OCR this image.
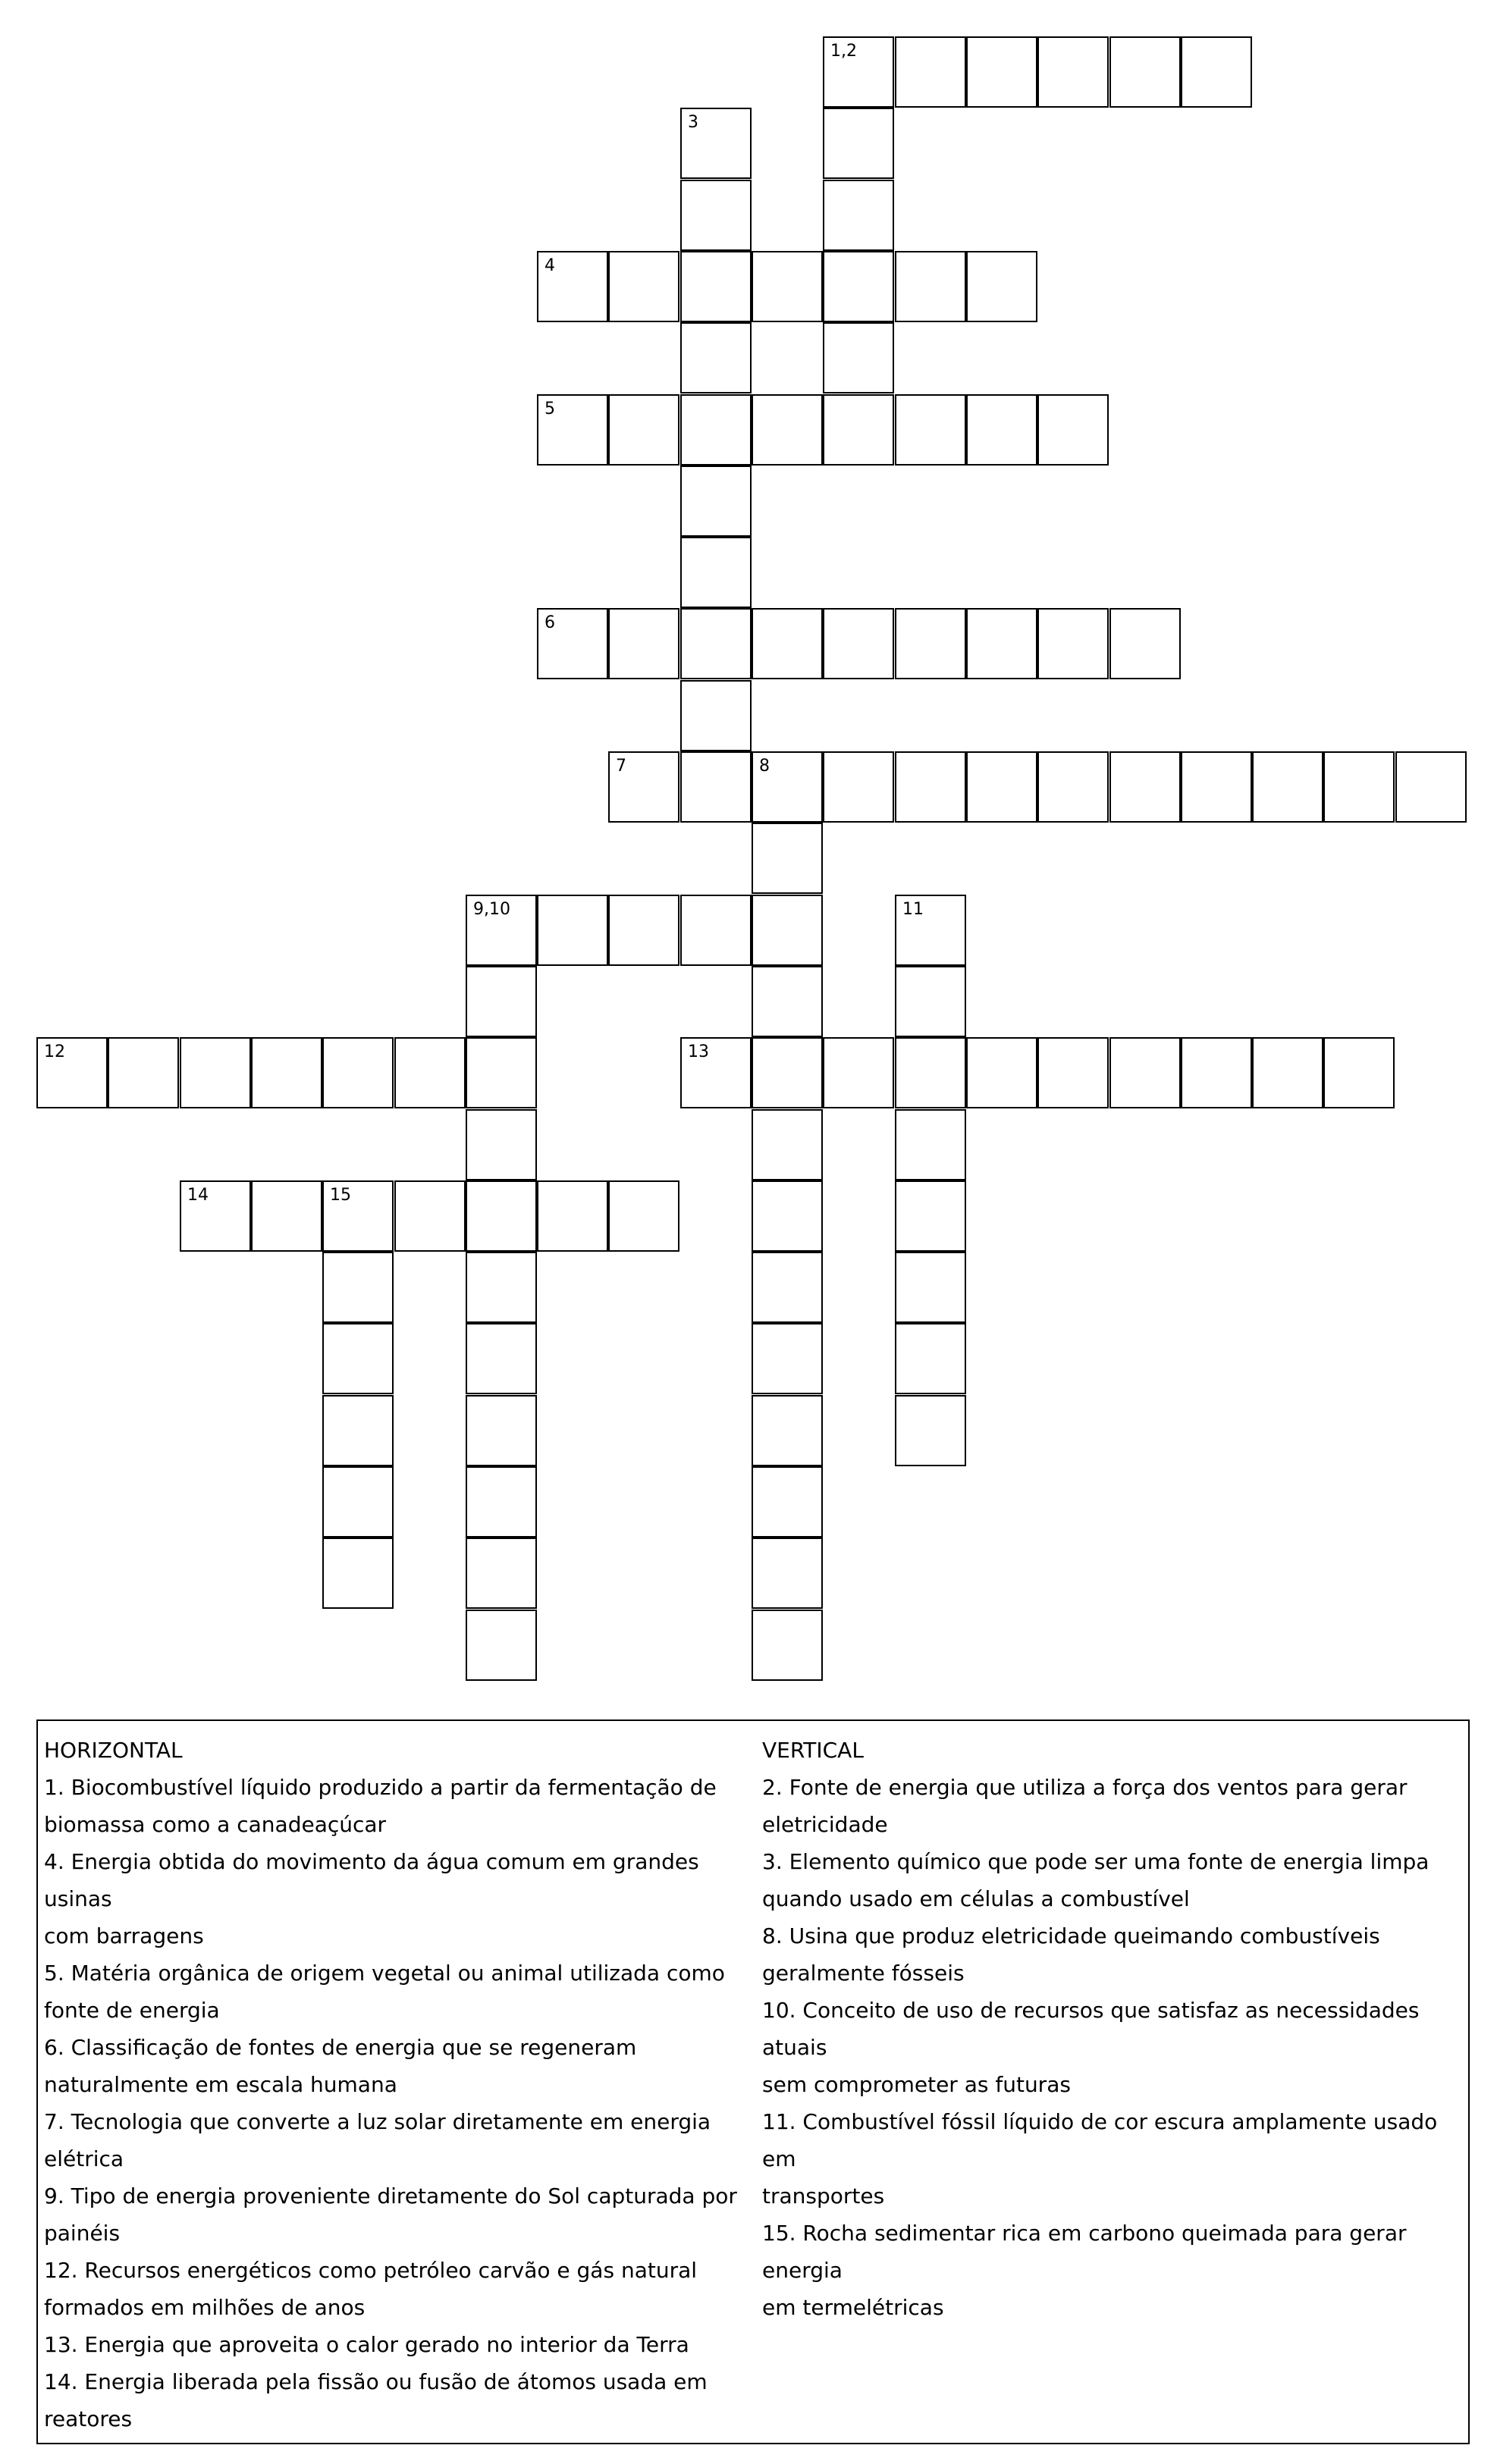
1,2
3
4
5
6
7	8
9,10	11
12	13
14	15
HORIZONTAL
1. Biocombustível líquido produzido a partir da fermentação de
biomassa como a canadeaçúcar
4. Energia obtida do movimento da água comum em grandes usinas
com barragens
5. Matéria orgânica de origem vegetal ou animal utilizada como
fonte de energia
6. Classificação de fontes de energia que se regeneram
naturalmente em escala humana
7. Tecnologia que converte a luz solar diretamente em energia
elétrica
9. Tipo de energia proveniente diretamente do Sol capturada por
painéis
12. Recursos energéticos como petróleo carvão e gás natural
formados em milhões de anos
13. Energia que aproveita o calor gerado no interior da Terra
14. Energia liberada pela fissão ou fusão de átomos usada em
reatores
VERTICAL
2. Fonte de energia que utiliza a força dos ventos para gerar
eletricidade
3. Elemento químico que pode ser uma fonte de energia limpa
quando usado em células a combustível
8. Usina que produz eletricidade queimando combustíveis
geralmente fósseis
10. Conceito de uso de recursos que satisfaz as necessidades atuais
sem comprometer as futuras
11. Combustível fóssil líquido de cor escura amplamente usado em
transportes
15. Rocha sedimentar rica em carbono queimada para gerar energia
em termelétricas
